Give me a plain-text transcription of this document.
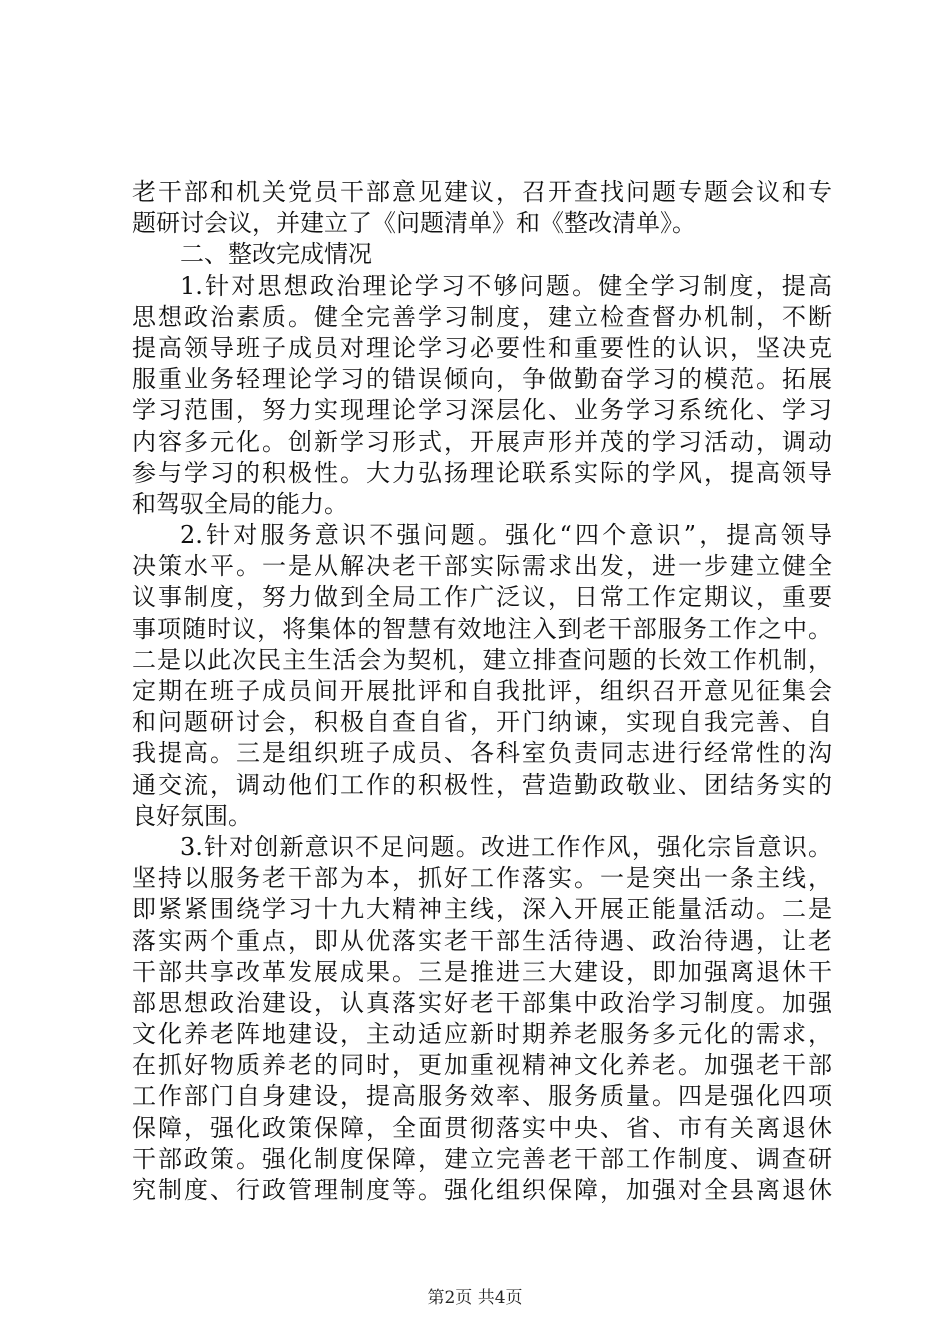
老干部和机关党员干部意见建议，召开查找问题专题会议和专
题研讨会议，并建立了《问题清单》和《整改清单》。
二、整改完成情况
1.针对思想政治理论学习不够问题。健全学习制度，提高
思想政治素质。健全完善学习制度，建立检查督办机制，不断
提高领导班子成员对理论学习必要性和重要性的认识，坚决克
服重业务轻理论学习的错误倾向，争做勤奋学习的模范。拓展
学习范围，努力实现理论学习深层化、业务学习系统化、学习
内容多元化。创新学习形式，开展声形并茂的学习活动，调动
参与学习的积极性。大力弘扬理论联系实际的学风，提高领导
和驾驭全局的能力。
2.针对服务意识不强问题。强化“四个意识”，提高领导
决策水平。一是从解决老干部实际需求出发，进一步建立健全
议事制度，努力做到全局工作广泛议，日常工作定期议，重要
事项随时议，将集体的智慧有效地注入到老干部服务工作之中。
二是以此次民主生活会为契机，建立排查问题的长效工作机制，
定期在班子成员间开展批评和自我批评，组织召开意见征集会
和问题研讨会，积极自查自省，开门纳谏，实现自我完善、自
我提高。三是组织班子成员、各科室负责同志进行经常性的沟
通交流，调动他们工作的积极性，营造勤政敬业、团结务实的
良好氛围。
3.针对创新意识不足问题。改进工作作风，强化宗旨意识。
坚持以服务老干部为本，抓好工作落实。一是突出一条主线，
即紧紧围绕学习十九大精神主线，深入开展正能量活动。二是
落实两个重点，即从优落实老干部生活待遇、政治待遇，让老
干部共享改革发展成果。三是推进三大建设，即加强离退休干
部思想政治建设，认真落实好老干部集中政治学习制度。加强
文化养老阵地建设，主动适应新时期养老服务多元化的需求，
在抓好物质养老的同时，更加重视精神文化养老。加强老干部
工作部门自身建设，提高服务效率、服务质量。四是强化四项
保障，强化政策保障，全面贯彻落实中央、省、市有关离退休
干部政策。强化制度保障，建立完善老干部工作制度、调查研
究制度、行政管理制度等。强化组织保障，加强对全县离退休
第2页 共4页
